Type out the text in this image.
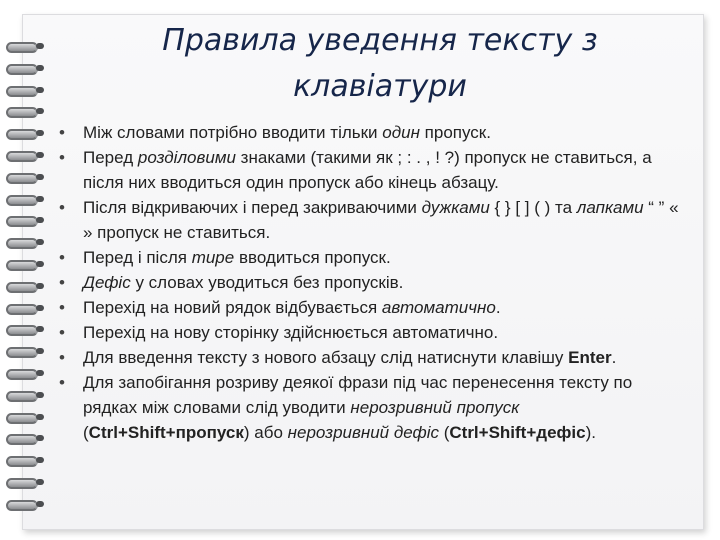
Правила уведення тексту з клавіатури
• Між словами потрібно вводити тільки один пропуск.
• Перед розділовими знаками (такими як ; : . , ! ?) пропуск не ставиться, а після них вводиться один пропуск або кінець абзацу.
• Після відкриваючих і перед закриваючими дужками { } [ ] ( ) та лапками “ ” « » пропуск не ставиться.
• Перед і після тире вводиться пропуск.
• Дефіс у словах уводиться без пропусків.
• Перехід на новий рядок відбувається автоматично.
• Перехід на нову сторінку здійснюється автоматично.
• Для введення тексту з нового абзацу слід натиснути клавішу Enter.
• Для запобігання розриву деякої фрази під час перенесення тексту по рядках між словами слід уводити нерозривний пропуск (Ctrl+Shift+пропуск) або нерозривний дефіс (Ctrl+Shift+дефіс).
